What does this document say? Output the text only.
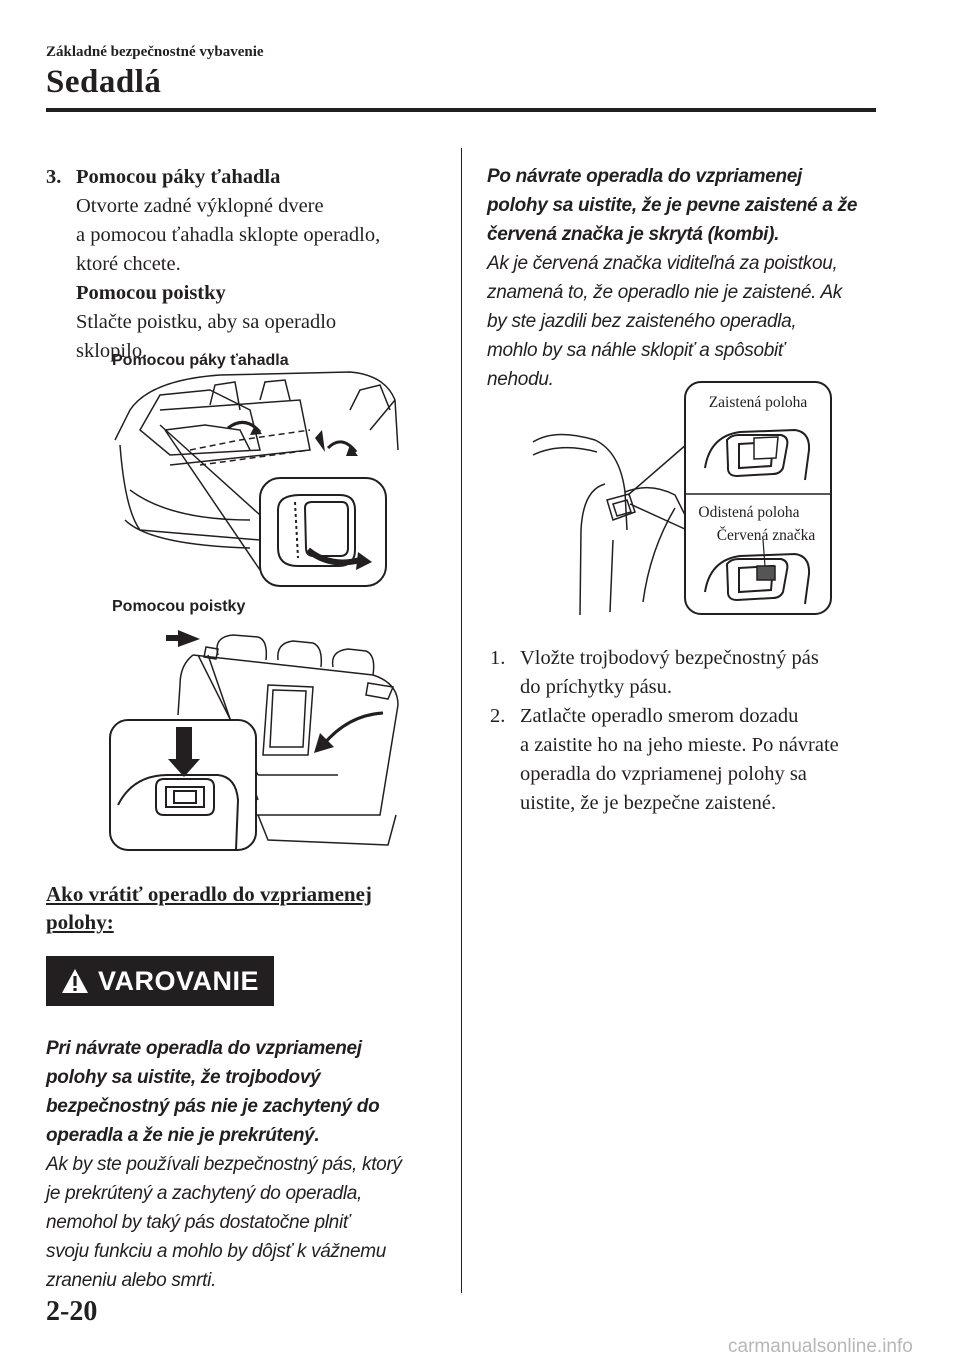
Základné bezpečnostné vybavenie
Sedadlá
3. Pomocou páky ťahadla
Otvorte zadné výklopné dvere
a pomocou ťahadla sklopte operadlo,
ktoré chcete.
Pomocou poistky
Stlačte poistku, aby sa operadlo
sklopilo.
Pomocou páky ťahadla
Pomocou poistky
Ako vrátiť operadlo do vzpriamenej
polohy:
VAROVANIE
Pri návrate operadla do vzpriamenej
polohy sa uistite, že trojbodový
bezpečnostný pás nie je zachytený do
operadla a že nie je prekrútený.
Ak by ste používali bezpečnostný pás, ktorý
je prekrútený a zachytený do operadla,
nemohol by taký pás dostatočne plniť
svoju funkciu a mohlo by dôjsť k vážnemu
zraneniu alebo smrti.
Po návrate operadla do vzpriamenej
polohy sa uistite, že je pevne zaistené a že
červená značka je skrytá (kombi).
Ak je červená značka viditeľná za poistkou,
znamená to, že operadlo nie je zaistené. Ak
by ste jazdili bez zaisteného operadla,
mohlo by sa náhle sklopiť a spôsobiť
nehodu.
Zaistená poloha
Odistená poloha
Červená značka
1. Vložte trojbodový bezpečnostný pás
do príchytky pásu.
2. Zatlačte operadlo smerom dozadu
a zaistite ho na jeho mieste. Po návrate
operadla do vzpriamenej polohy sa
uistite, že je bezpečne zaistené.
2-20
carmanualsonline.info
